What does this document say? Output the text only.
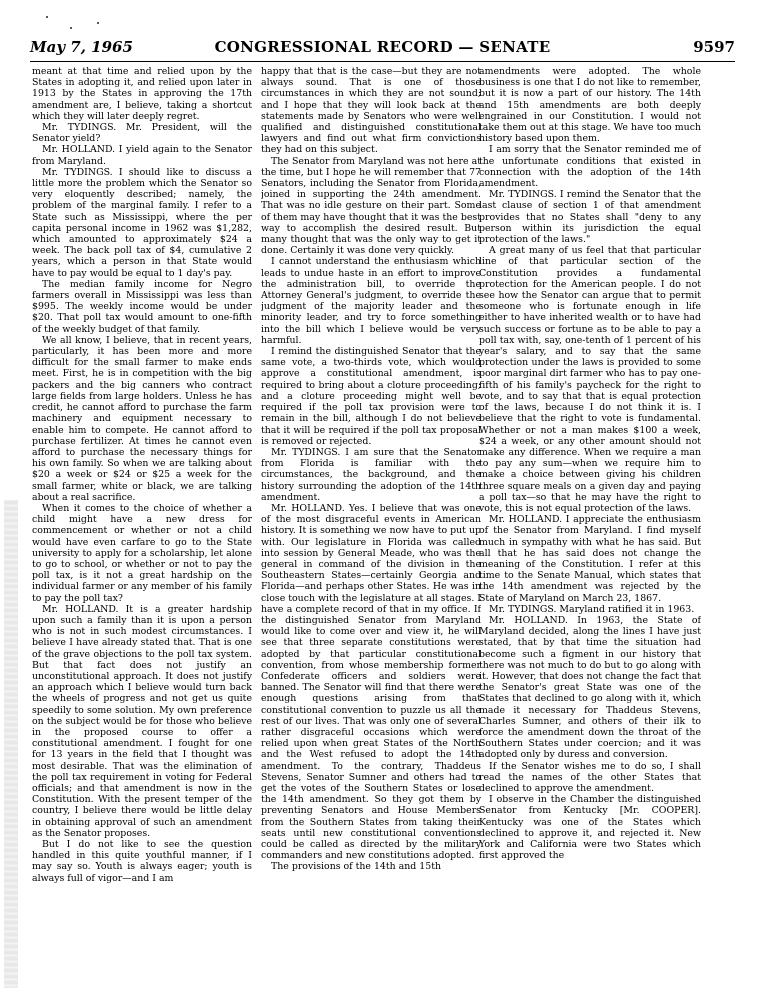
May 7, 1965	CONGRESSIONAL RECORD — SENATE	9597

meant at that time and relied upon by the States in adopting it, and relied upon later in 1913 by the States in approving the 17th amendment are, I believe, taking a shortcut which they will later deeply regret.

Mr. TYDINGS. Mr. President, will the Senator yield?

Mr. HOLLAND. I yield again to the Senator from Maryland.

Mr. TYDINGS. I should like to discuss a little more the problem which the Senator so very eloquently described; namely, the problem of the marginal family. I refer to a State such as Mississippi, where the per capita personal income in 1962 was $1,282, which amounted to approximately $24 a week. The back poll tax of $4, cumulative 2 years, which a person in that State would have to pay would be equal to 1 day's pay.

The median family income for Negro farmers overall in Mississippi was less than $995. The weekly income would be under $20. That poll tax would amount to one-fifth of the weekly budget of that family.

We all know, I believe, that in recent years, particularly, it has been more and more difficult for the small farmer to make ends meet. First, he is in competition with the big packers and the big canners who contract large fields from large holders. Unless he has credit, he cannot afford to purchase the farm machinery and equipment necessary to enable him to compete. He cannot afford to purchase fertilizer. At times he cannot even afford to purchase the necessary things for his own family. So when we are talking about $20 a week or $24 or $25 a week for the small farmer, white or black, we are talking about a real sacrifice.

When it comes to the choice of whether a child might have a new dress for commencement or whether or not a child would have even carfare to go to the State university to apply for a scholarship, let alone to go to school, or whether or not to pay the poll tax, is it not a great hardship on the individual farmer or any member of his family to pay the poll tax?

Mr. HOLLAND. It is a greater hardship upon such a family than it is upon a person who is not in such modest circumstances. I believe I have already stated that. That is one of the grave objections to the poll tax system. But that fact does not justify an unconstitutional approach. It does not justify an approach which I believe would turn back the wheels of progress and not get us quite speedily to some solution. My own preference on the subject would be for those who believe in the proposed course to offer a constitutional amendment. I fought for one for 13 years in the field that I thought was most desirable. That was the elimination of the poll tax requirement in voting for Federal officials; and that amendment is now in the Constitution. With the present temper of the country, I believe there would be little delay in obtaining approval of such an amendment as the Senator proposes.

But I do not like to see the question handled in this quite youthful manner, if I may say so. Youth is always eager; youth is always full of vigor—and I am

happy that that is the case—but they are not always sound. That is one of those circumstances in which they are not sound; and I hope that they will look back at the statements made by Senators who were well qualified and distinguished constitutional lawyers and find out what firm convictions they had on this subject.

The Senator from Maryland was not here at the time, but I hope he will remember that 77 Senators, including the Senator from Florida, joined in supporting the 24th amendment. That was no idle gesture on their part. Some of them may have thought that it was the best way to accomplish the desired result. But many thought that was the only way to get it done. Certainly it was done very quickly.

I cannot understand the enthusiasm which leads to undue haste in an effort to improve the administration bill, to override the Attorney General's judgment, to override the judgment of the majority leader and the minority leader, and try to force something into the bill which I believe would be very harmful.

I remind the distinguished Senator that the same vote, a two-thirds vote, which would approve a constitutional amendment, is required to bring about a cloture proceeding; and a cloture proceeding might well be required if the poll tax provision were to remain in the bill, although I do not believe that it will be required if the poll tax proposal is removed or rejected.

Mr. TYDINGS. I am sure that the Senator from Florida is familiar with the circumstances, the background, and the history surrounding the adoption of the 14th amendment.

Mr. HOLLAND. Yes. I believe that was one of the most disgraceful events in American history. It is something we now have to put up with. Our legislature in Florida was called into session by General Meade, who was the general in command of the division in the Southeastern States—certainly Georgia and Florida—and perhaps other States. He was in close touch with the legislature at all stages. I have a complete record of that in my office. If the distinguished Senator from Maryland would like to come over and view it, he will see that three separate constitutions were adopted by that particular constitutional convention, from whose membership former Confederate officers and soldiers were banned. The Senator will find that there were enough questions arising from that constitutional convention to puzzle us all the rest of our lives. That was only one of several rather disgraceful occasions which were relied upon when great States of the North and the West refused to adopt the 14th amendment. To the contrary, Thaddeus Stevens, Senator Sumner and others had to get the votes of the Southern States or lose the 14th amendment. So they got them by preventing Senators and House Members from the Southern States from taking their seats until new constitutional conventions could be called as directed by the military commanders and new constitutions adopted.

The provisions of the 14th and 15th

amendments were adopted. The whole business is one that I do not like to remember, but it is now a part of our history. The 14th and 15th amendments are both deeply engrained in our Constitution. I would not take them out at this stage. We have too much history based upon them.

I am sorry that the Senator reminded me of the unfortunate conditions that existed in connection with the adoption of the 14th amendment.

Mr. TYDINGS. I remind the Senator that the last clause of section 1 of that amendment provides that no States shall "deny to any person within its jurisdiction the equal protection of the laws."

A great many of us feel that that particular line of that particular section of the Constitution provides a fundamental protection for the American people. I do not see how the Senator can argue that to permit someone who is fortunate enough in life either to have inherited wealth or to have had such success or fortune as to be able to pay a poll tax with, say, one-tenth of 1 percent of his year's salary, and to say that the same protection under the laws is provided to some poor marginal dirt farmer who has to pay one-fifth of his family's paycheck for the right to vote, and to say that that is equal protection of the laws, because I do not think it is. I believe that the right to vote is fundamental. Whether or not a man makes $100 a week, $24 a week, or any other amount should not make any difference. When we require a man to pay any sum—when we require him to make a choice between giving his children three square meals on a given day and paying a poll tax—so that he may have the right to vote, this is not equal protection of the laws.

Mr. HOLLAND. I appreciate the enthusiasm of the Senator from Maryland. I find myself much in sympathy with what he has said. But all that he has said does not change the meaning of the Constitution. I refer at this time to the Senate Manual, which states that the 14th amendment was rejected by the State of Maryland on March 23, 1867.

Mr. TYDINGS. Maryland ratified it in 1963.

Mr. HOLLAND. In 1963, the State of Maryland decided, along the lines I have just stated, that by that time the situation had become such a figment in our history that there was not much to do but to go along with it. However, that does not change the fact that the Senator's great State was one of the States that declined to go along with it, which made it necessary for Thaddeus Stevens, Charles Sumner, and others of their ilk to force the amendment down the throat of the Southern States under coercion; and it was adopted only by duress and conversion.

If the Senator wishes me to do so, I shall read the names of the other States that declined to approve the amendment.

I observe in the Chamber the distinguished Senator from Kentucky [Mr. COOPER]. Kentucky was one of the States which declined to approve it, and rejected it. New York and California were two States which first approved the
